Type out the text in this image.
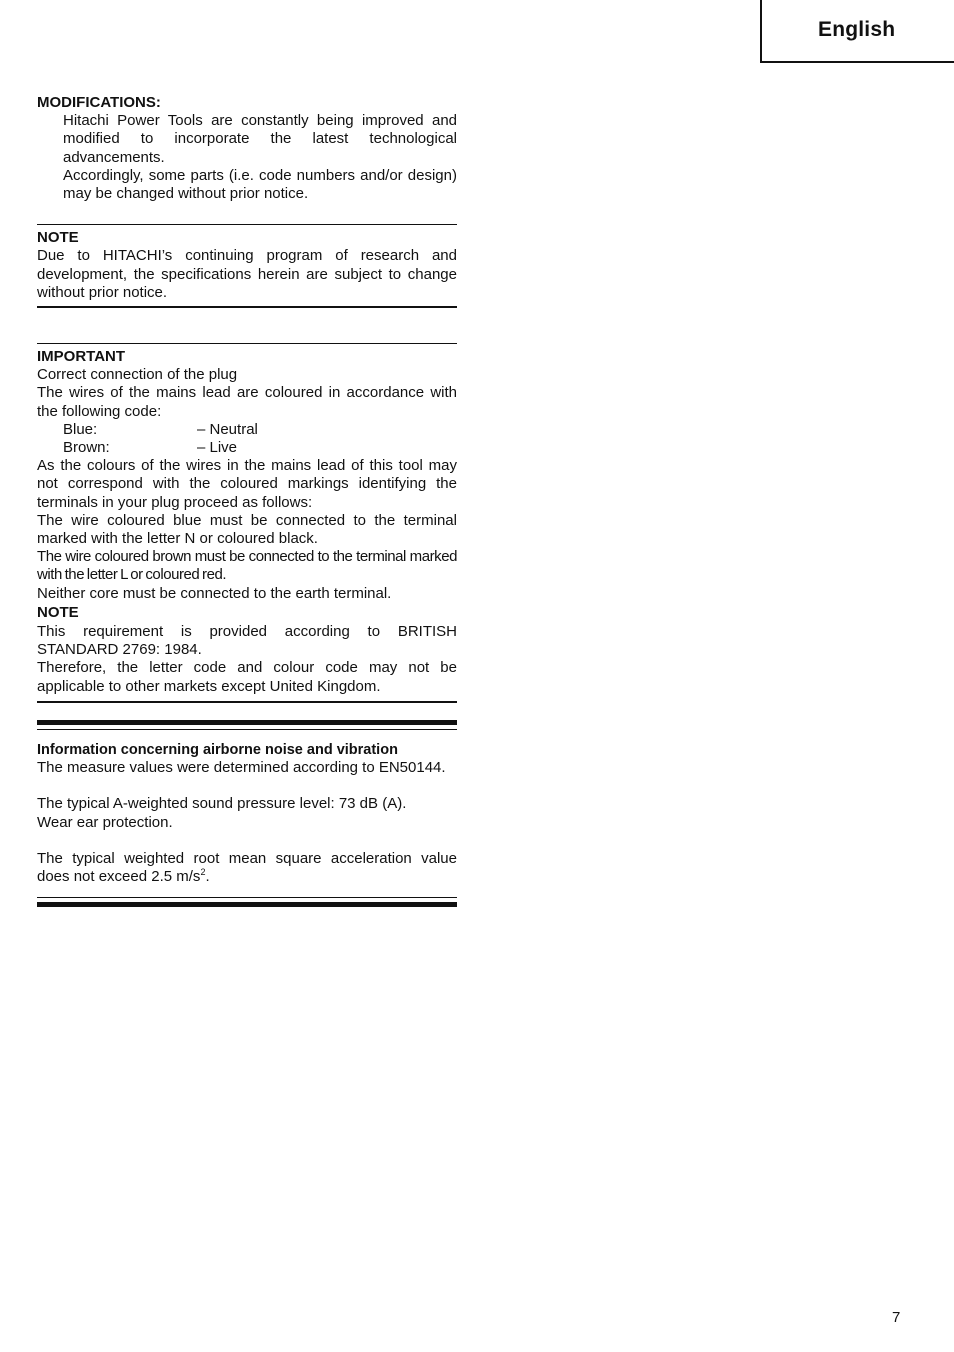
English

MODIFICATIONS:

Hitachi Power Tools are constantly being improved and modified to incorporate the latest technological advancements.

Accordingly, some parts (i.e. code numbers and/or design) may be changed without prior notice.

NOTE

Due to HITACHI’s continuing program of research and development, the specifications herein are subject to change without prior notice.

IMPORTANT

Correct connection of the plug

The wires of the mains lead are coloured in accordance with the following code:

Blue:	– Neutral
Brown:	– Live

As the colours of the wires in the mains lead of this tool may not correspond with the coloured markings identifying the terminals in your plug proceed as follows:

The wire coloured blue must be connected to the terminal marked with the letter N or coloured black.

The wire coloured brown must be connected to the terminal marked with the letter L or coloured red.

Neither core must be connected to the earth terminal.

NOTE

This requirement is provided according to BRITISH STANDARD 2769: 1984.

Therefore, the letter code and colour code may not be applicable to other markets except United Kingdom.

Information concerning airborne noise and vibration

The measure values were determined according to EN50144.

The typical A-weighted sound pressure level: 73 dB (A).

Wear ear protection.

The typical weighted root mean square acceleration value does not exceed 2.5 $m/s^2$.

7
